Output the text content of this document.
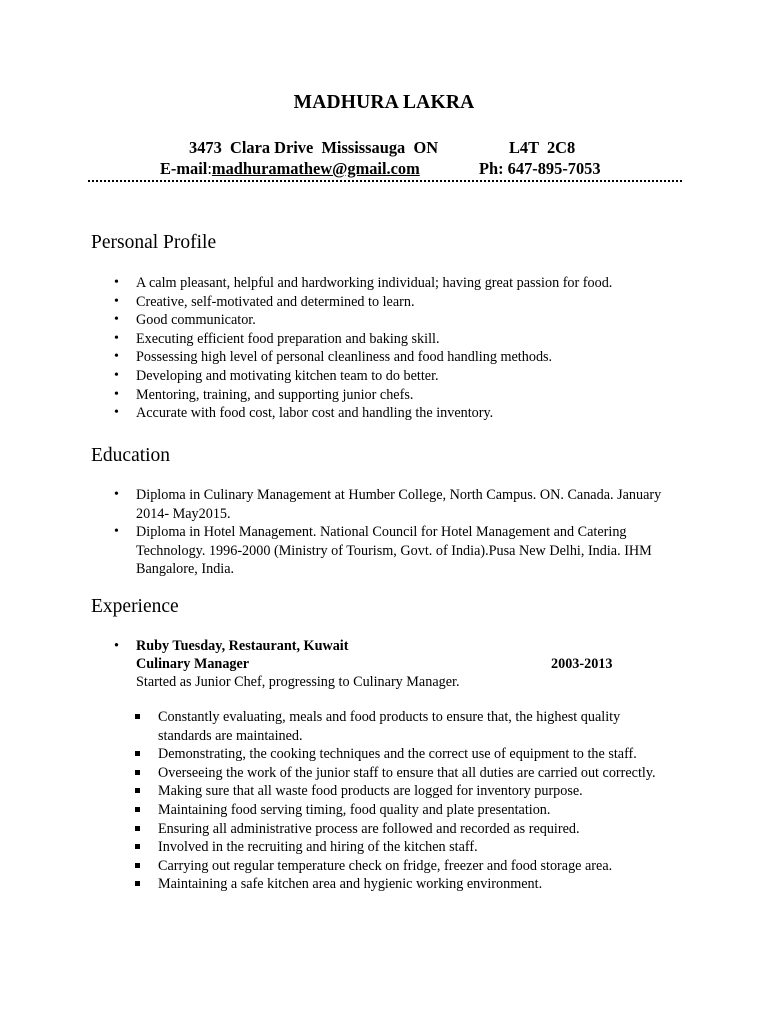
MADHURA LAKRA
3473  Clara Drive  Mississauga  ON	L4T  2C8
E-mail:madhuramathew@gmail.com	Ph: 647-895-7053
Personal Profile
• A calm pleasant, helpful and hardworking individual; having great passion for food.
• Creative, self-motivated and determined to learn.
• Good communicator.
• Executing efficient food preparation and baking skill.
• Possessing high level of personal cleanliness and food handling methods.
• Developing and motivating kitchen team to do better.
• Mentoring, training, and supporting junior chefs.
• Accurate with food cost, labor cost and handling the inventory.
Education
• Diploma in Culinary Management at Humber College, North Campus. ON. Canada. January 2014- May2015.
• Diploma in Hotel Management. National Council for Hotel Management and Catering Technology. 1996-2000 (Ministry of Tourism, Govt. of India).Pusa New Delhi, India. IHM Bangalore, India.
Experience
• Ruby Tuesday, Restaurant, Kuwait
Culinary Manager	2003-2013
Started as Junior Chef, progressing to Culinary Manager.
Constantly evaluating, meals and food products to ensure that, the highest quality standards are maintained.
Demonstrating, the cooking techniques and the correct use of equipment to the staff.
Overseeing the work of the junior staff to ensure that all duties are carried out correctly.
Making sure that all waste food products are logged for inventory purpose.
Maintaining food serving timing, food quality and plate presentation.
Ensuring all administrative process are followed and recorded as required.
Involved in the recruiting and hiring of the kitchen staff.
Carrying out regular temperature check on fridge, freezer and food storage area.
Maintaining a safe kitchen area and hygienic working environment.
